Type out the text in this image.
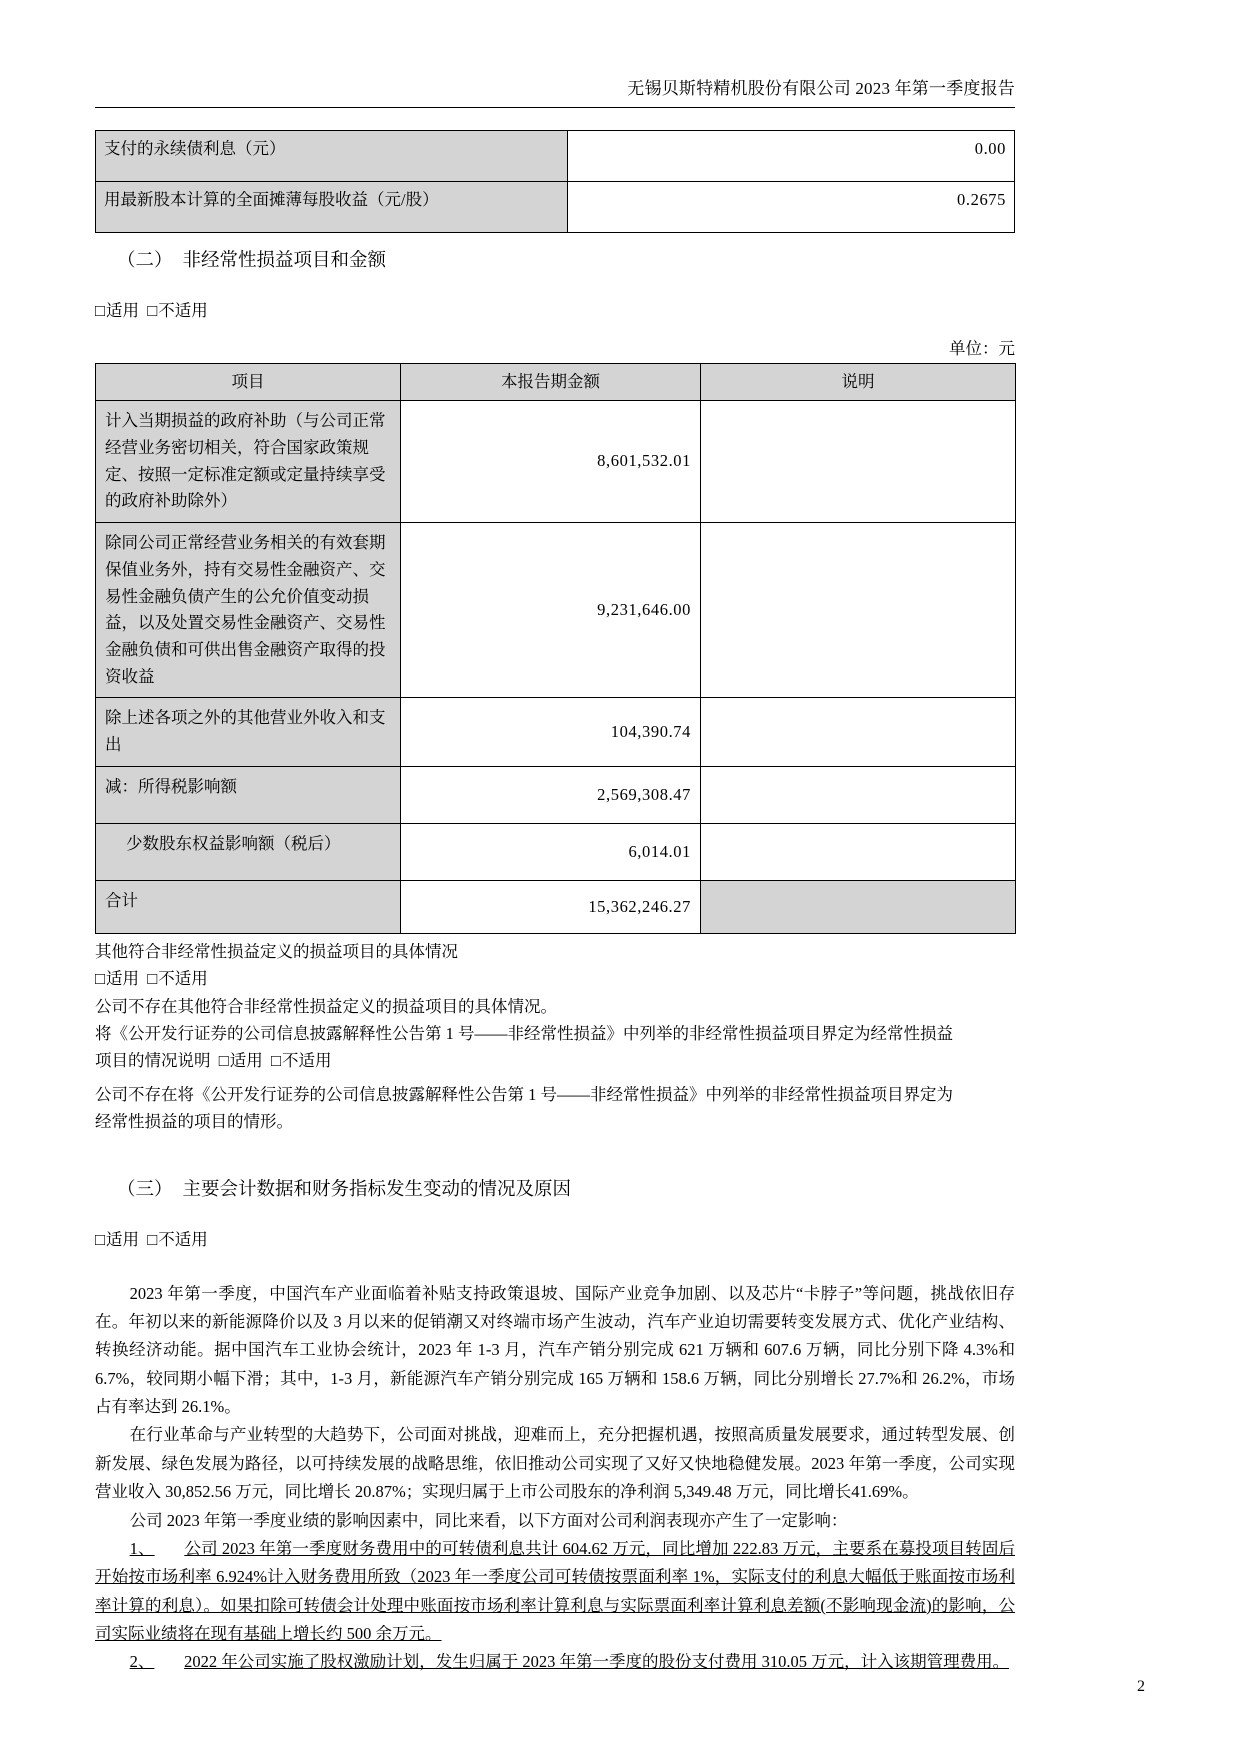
无锡贝斯特精机股份有限公司 2023 年第一季度报告
支付的永续债利息（元）	0.00
用最新股本计算的全面摊薄每股收益（元/股）	0.2675
（二） 非经常性损益项目和金额
□适用 □ 不适用
单位：元
项目	本报告期金额	说明
计入当期损益的政府补助（与公司正常经营业务密切相关，符合国家政策规定、按照一定标准定额或定量持续享受的政府补助除外）	8,601,532.01	
除同公司正常经营业务相关的有效套期保值业务外，持有交易性金融资产、交易性金融负债产生的公允价值变动损益，以及处置交易性金融资产、交易性金融负债和可供出售金融资产取得的投资收益	9,231,646.00	
除上述各项之外的其他营业外收入和支出	104,390.74	
减：所得税影响额	2,569,308.47	
少数股东权益影响额（税后）	6,014.01	
合计	15,362,246.27	

其他符合非经常性损益定义的损益项目的具体情况

□ 适用 □不适用

公司不存在其他符合非经常性损益定义的损益项目的具体情况。

将《公开发行证券的公司信息披露解释性公告第 1 号——非经常性损益》中列举的非经常性损益项目界定为经常性损益

项目的情况说明 □ 适用 □不适用

公司不存在将《公开发行证券的公司信息披露解释性公告第 1 号——非经常性损益》中列举的非经常性损益项目界定为

经常性损益的项目的情形。

（三） 主要会计数据和财务指标发生变动的情况及原因
□适用 □ 不适用

2023 年第一季度，中国汽车产业面临着补贴支持政策退坡、国际产业竞争加剧、以及芯片“卡脖子”等问题，挑战依旧存在。年初以来的新能源降价以及 3 月以来的促销潮又对终端市场产生波动，汽车产业迫切需要转变发展方式、优化产业结构、转换经济动能。据中国汽车工业协会统计，2023 年 1-3 月，汽车产销分别完成 621 万辆和 607.6 万辆，同比分别下降 4.3%和 6.7%，较同期小幅下滑；其中，1-3 月，新能源汽车产销分别完成 165 万辆和 158.6 万辆，同比分别增长 27.7%和 26.2%，市场占有率达到 26.1%。

在行业革命与产业转型的大趋势下，公司面对挑战，迎难而上，充分把握机遇，按照高质量发展要求，通过转型发展、创新发展、绿色发展为路径，以可持续发展的战略思维，依旧推动公司实现了又好又快地稳健发展。2023 年第一季度，公司实现营业收入 30,852.56 万元，同比增长 20.87%；实现归属于上市公司股东的净利润 5,349.48 万元，同比增长41.69%。

公司 2023 年第一季度业绩的影响因素中，同比来看，以下方面对公司利润表现亦产生了一定影响：

1、 公司 2023 年第一季度财务费用中的可转债利息共计 604.62 万元，同比增加 222.83 万元，主要系在募投项目转固后开始按市场利率 6.924%计入财务费用所致（2023 年一季度公司可转债按票面利率 1%，实际支付的利息大幅低于账面按市场利率计算的利息）。如果扣除可转债会计处理中账面按市场利率计算利息与实际票面利率计算利息差额(不影响现金流)的影响，公司实际业绩将在现有基础上增长约 500 余万元。

2、 2022 年公司实施了股权激励计划，发生归属于 2023 年第一季度的股份支付费用 310.05 万元，计入该期管理费用。

2
